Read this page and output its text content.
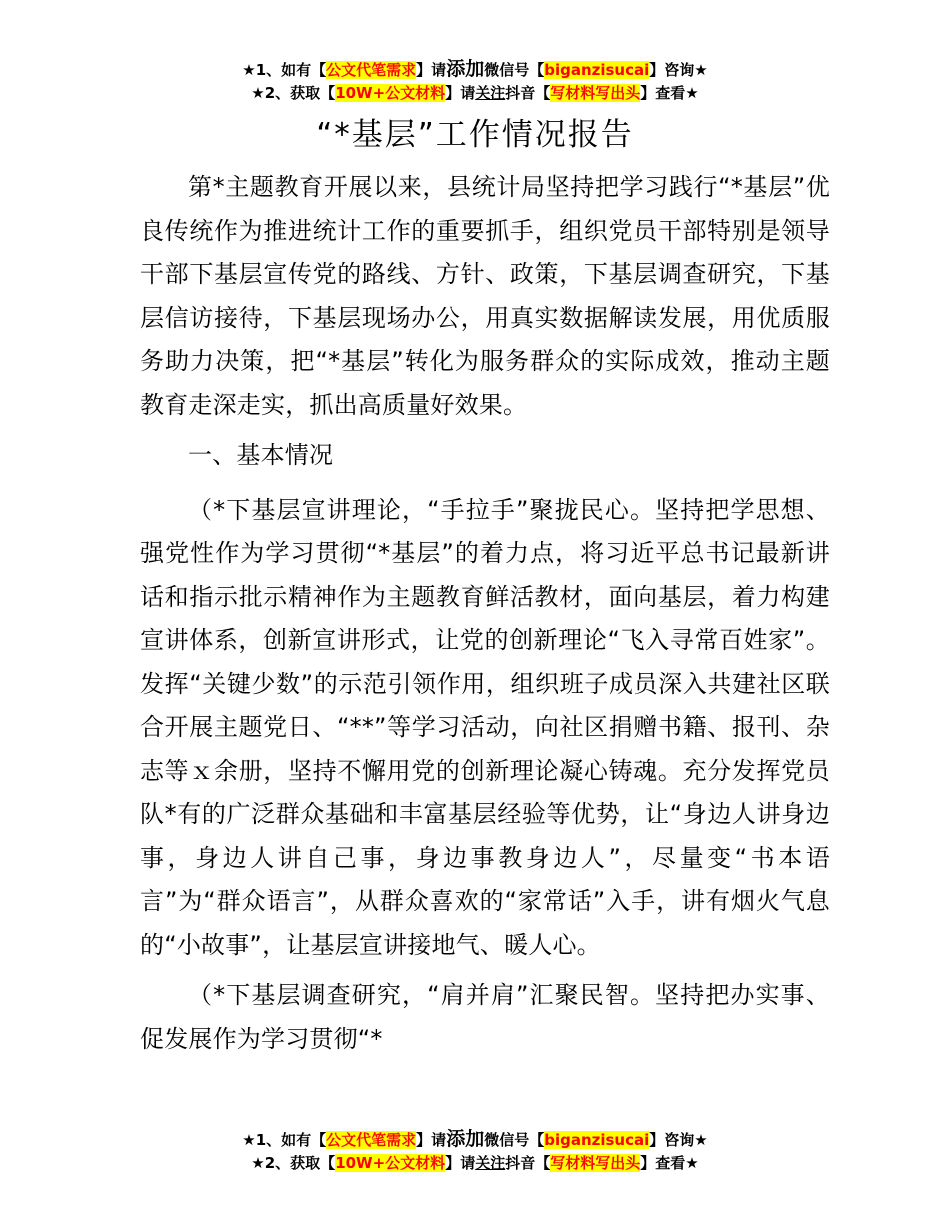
★1、如有【公文代笔需求】请添加微信号【biganzisucai】咨询★
★2、获取【10W+公文材料】请关注抖音【写材料写出头】查看★
“*基层”工作情况报告

第*主题教育开展以来，县统计局坚持把学习践行“*基层”优良传统作为推进统计工作的重要抓手，组织党员干部特别是领导干部下基层宣传党的路线、方针、政策，下基层调查研究，下基层信访接待，下基层现场办公，用真实数据解读发展，用优质服务助力决策，把“*基层”转化为服务群众的实际成效，推动主题教育走深走实，抓出高质量好效果。

一、基本情况

（*下基层宣讲理论，“手拉手”聚拢民心。坚持把学思想、强党性作为学习贯彻“*基层”的着力点，将习近平总书记最新讲话和指示批示精神作为主题教育鲜活教材，面向基层，着力构建宣讲体系，创新宣讲形式，让党的创新理论“飞入寻常百姓家”。发挥“关键少数”的示范引领作用，组织班子成员深入共建社区联合开展主题党日、“**”等学习活动，向社区捐赠书籍、报刊、杂志等ｘ余册，坚持不懈用党的创新理论凝心铸魂。充分发挥党员队*有的广泛群众基础和丰富基层经验等优势，让“身边人讲身边事，身边人讲自己事，身边事教身边人”，尽量变“书本语言”为“群众语言”，从群众喜欢的“家常话”入手，讲有烟火气息的“小故事”，让基层宣讲接地气、暖人心。

（*下基层调查研究，“肩并肩”汇聚民智。坚持把办实事、促发展作为学习贯彻“*

★1、如有【公文代笔需求】请添加微信号【biganzisucai】咨询★
★2、获取【10W+公文材料】请关注抖音【写材料写出头】查看★
